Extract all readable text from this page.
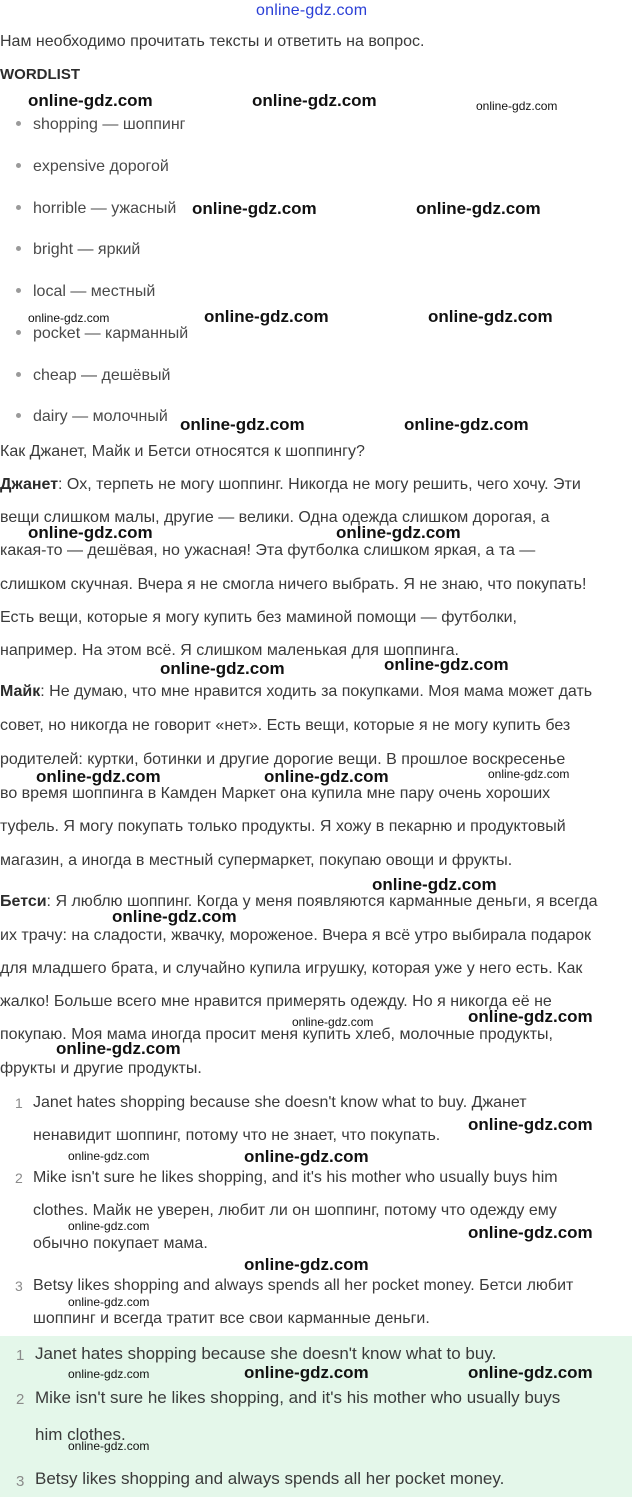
online-gdz.com
Нам необходимо прочитать тексты и ответить на вопрос.
WORDLIST
shopping — шоппинг
expensive дорогой
horrible — ужасный
bright — яркий
local — местный
pocket — карманный
cheap — дешёвый
dairy — молочный
Как Джанет, Майк и Бетси относятся к шоппингу?
Джанет: Ох, терпеть не могу шоппинг. Никогда не могу решить, чего хочу. Эти
вещи слишком малы, другие — велики. Одна одежда слишком дорогая, а
какая-то — дешёвая, но ужасная! Эта футболка слишком яркая, а та —
слишком скучная. Вчера я не смогла ничего выбрать. Я не знаю, что покупать!
Есть вещи, которые я могу купить без маминой помощи — футболки,
например. На этом всё. Я слишком маленькая для шоппинга.
Майк: Не думаю, что мне нравится ходить за покупками. Моя мама может дать
совет, но никогда не говорит «нет». Есть вещи, которые я не могу купить без
родителей: куртки, ботинки и другие дорогие вещи. В прошлое воскресенье
во время шоппинга в Камден Маркет она купила мне пару очень хороших
туфель. Я могу покупать только продукты. Я хожу в пекарню и продуктовый
магазин, а иногда в местный супермаркет, покупаю овощи и фрукты.
Бетси: Я люблю шоппинг. Когда у меня появляются карманные деньги, я всегда
их трачу: на сладости, жвачку, мороженое. Вчера я всё утро выбирала подарок
для младшего брата, и случайно купила игрушку, которая уже у него есть. Как
жалко! Больше всего мне нравится примерять одежду. Но я никогда её не
покупаю. Моя мама иногда просит меня купить хлеб, молочные продукты,
фрукты и другие продукты.
1 Janet hates shopping because she doesn't know what to buy. Джанет
ненавидит шоппинг, потому что не знает, что покупать.
2 Mike isn't sure he likes shopping, and it's his mother who usually buys him
clothes. Майк не уверен, любит ли он шоппинг, потому что одежду ему
обычно покупает мама.
3 Betsy likes shopping and always spends all her pocket money. Бетси любит
шоппинг и всегда тратит все свои карманные деньги.
1 Janet hates shopping because she doesn't know what to buy.
2 Mike isn't sure he likes shopping, and it's his mother who usually buys
him clothes.
3 Betsy likes shopping and always spends all her pocket money.
online-gdz.com	online-gdz.com	online-gdz.com
online-gdz.com	online-gdz.com
online-gdz.com	online-gdz.com	online-gdz.com
online-gdz.com	online-gdz.com
online-gdz.com	online-gdz.com
online-gdz.com	online-gdz.com
online-gdz.com	online-gdz.com	online-gdz.com
online-gdz.com
online-gdz.com
online-gdz.com	online-gdz.com
online-gdz.com
online-gdz.com
online-gdz.com	online-gdz.com
online-gdz.com	online-gdz.com
online-gdz.com
online-gdz.com
online-gdz.com	online-gdz.com	online-gdz.com
online-gdz.com
